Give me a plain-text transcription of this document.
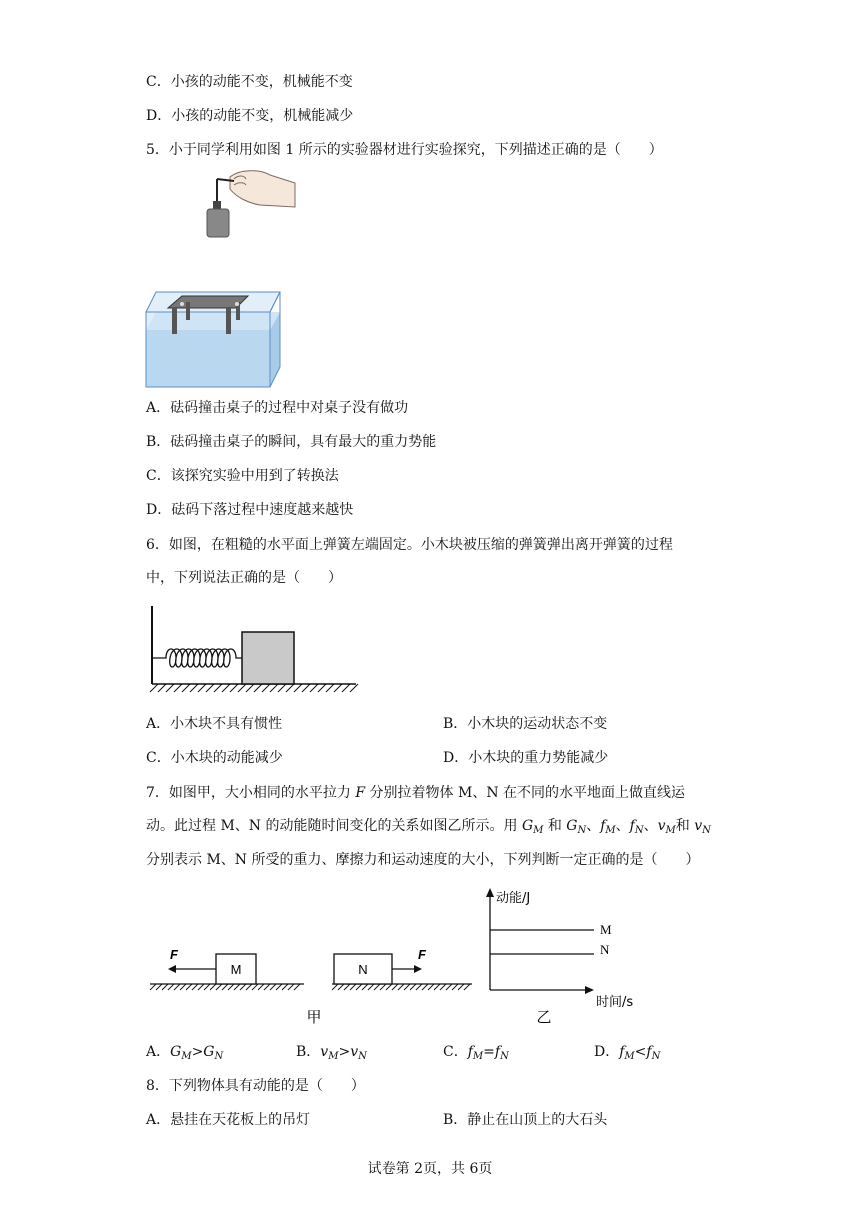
C．小孩的动能不变，机械能不变
D．小孩的动能不变，机械能减少
5．小于同学利用如图 1 所示的实验器材进行实验探究，下列描述正确的是（　　）
A．砝码撞击桌子的过程中对桌子没有做功
B．砝码撞击桌子的瞬间，具有最大的重力势能
C．该探究实验中用到了转换法
D．砝码下落过程中速度越来越快
6．如图，在粗糙的水平面上弹簧左端固定。小木块被压缩的弹簧弹出离开弹簧的过程
中，下列说法正确的是（　　）
A．小木块不具有惯性	B．小木块的运动状态不变
C．小木块的动能减少	D．小木块的重力势能减少
7．如图甲，大小相同的水平拉力 F 分别拉着物体 M、N 在不同的水平地面上做直线运
动。此过程 M、N 的动能随时间变化的关系如图乙所示。用 $G_M$ 和 $G_N$、$f_M$、$f_N$、$v_M$和 $v_N$
分别表示 M、N 所受的重力、摩擦力和运动速度的大小，下列判断一定正确的是（　　）
M
F
N
F
甲
动能/J
时间/s
M
N
乙
A．$G_M>G_N$	B．$v_M>v_N$	C．$f_M=f_N$	D．$f_M<f_N$
8．下列物体具有动能的是（　　）
A．悬挂在天花板上的吊灯	B．静止在山顶上的大石头
试卷第 2页，共 6页
